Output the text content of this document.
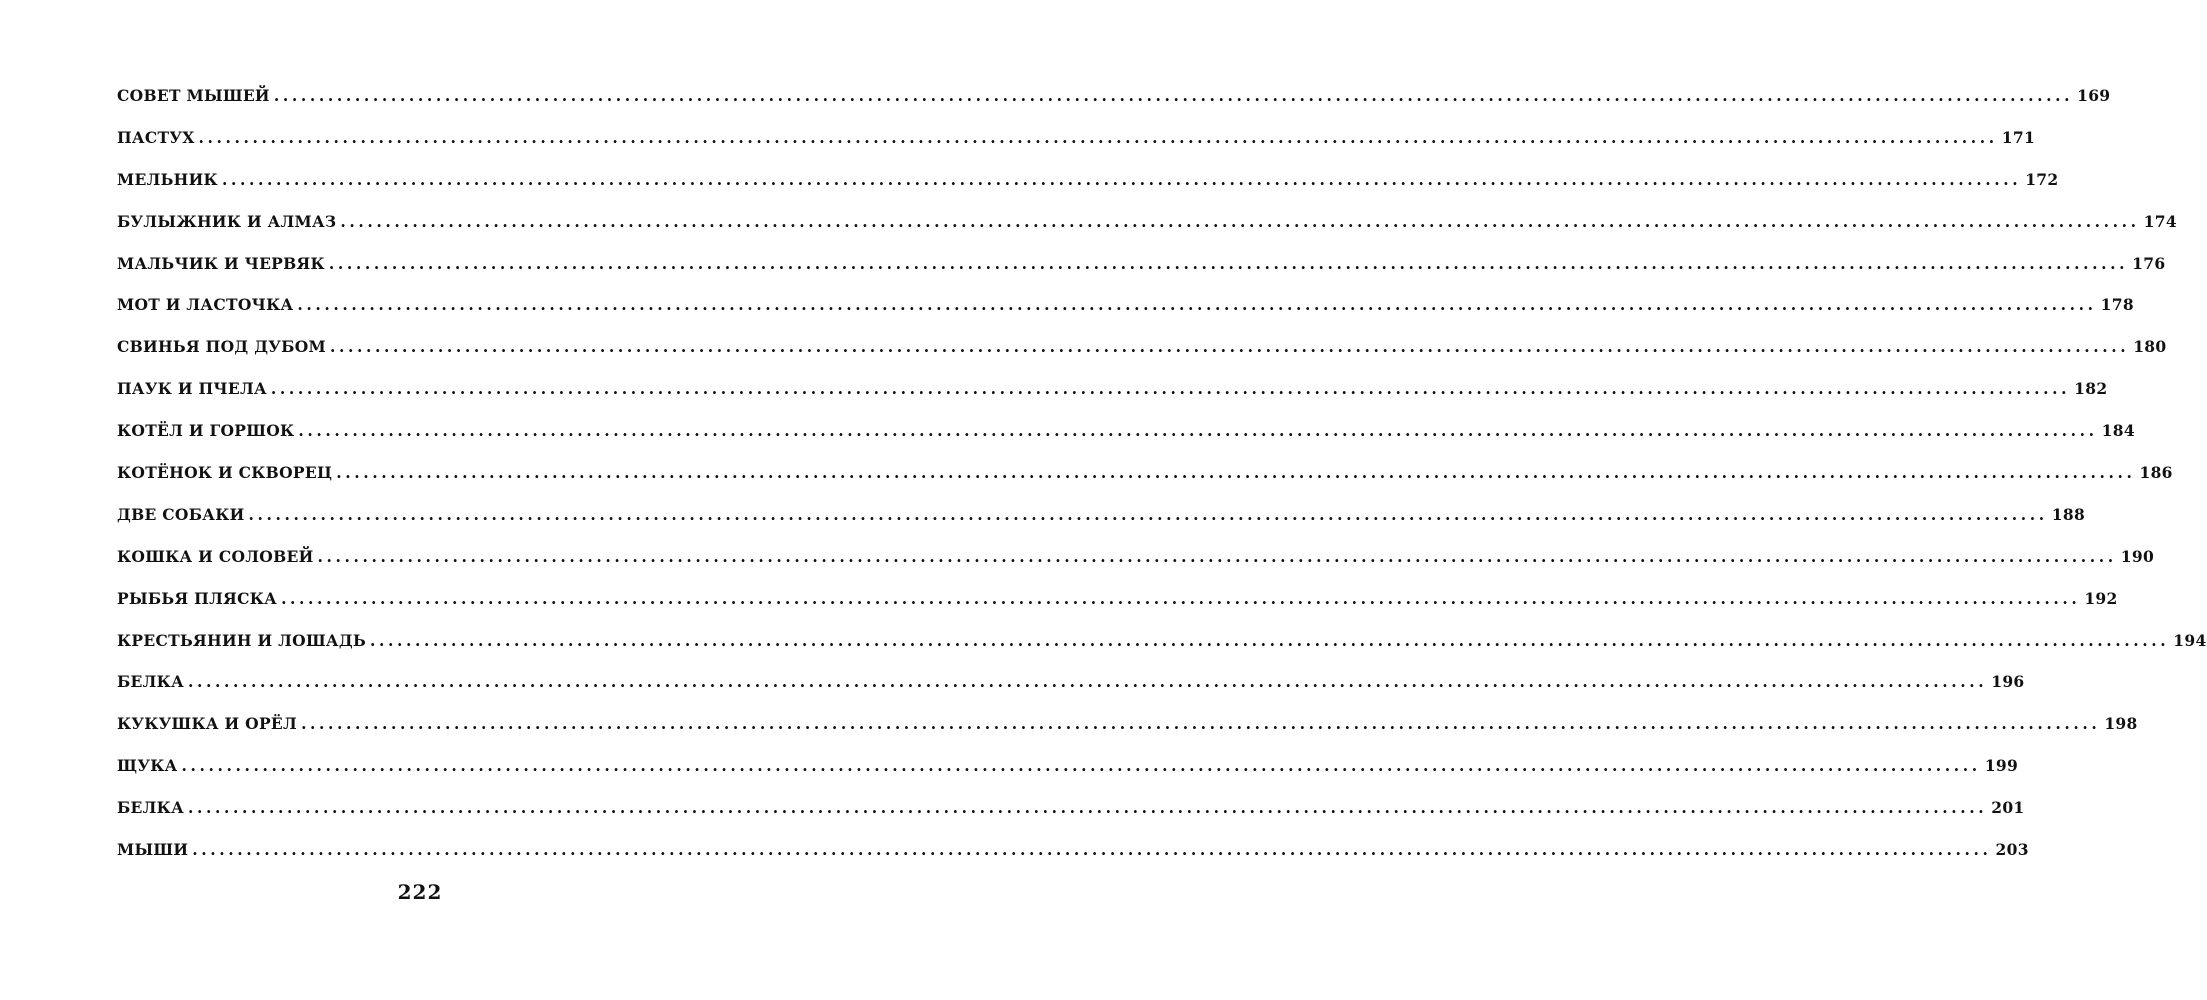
СОВЕТ МЫШЕЙ ........................................................................................................................................................................................................ 169
ПАСТУХ ........................................................................................................................................................................................................ 171
МЕЛЬНИК ........................................................................................................................................................................................................ 172
БУЛЫЖНИК И АЛМАЗ ........................................................................................................................................................................................................ 174
МАЛЬЧИК И ЧЕРВЯК ........................................................................................................................................................................................................ 176
МОТ И ЛАСТОЧКА ........................................................................................................................................................................................................ 178
СВИНЬЯ ПОД ДУБОМ ........................................................................................................................................................................................................ 180
ПАУК И ПЧЕЛА ........................................................................................................................................................................................................ 182
КОТЁЛ И ГОРШОК ........................................................................................................................................................................................................ 184
КОТЁНОК И СКВОРЕЦ ........................................................................................................................................................................................................ 186
ДВЕ СОБАКИ ........................................................................................................................................................................................................ 188
КОШКА И СОЛОВЕЙ ........................................................................................................................................................................................................ 190
РЫБЬЯ ПЛЯСКА ........................................................................................................................................................................................................ 192
КРЕСТЬЯНИН И ЛОШАДЬ ........................................................................................................................................................................................................ 194
БЕЛКА ........................................................................................................................................................................................................ 196
КУКУШКА И ОРЁЛ ........................................................................................................................................................................................................ 198
ЩУКА ........................................................................................................................................................................................................ 199
БЕЛКА ........................................................................................................................................................................................................ 201
МЫШИ ........................................................................................................................................................................................................ 203
222
